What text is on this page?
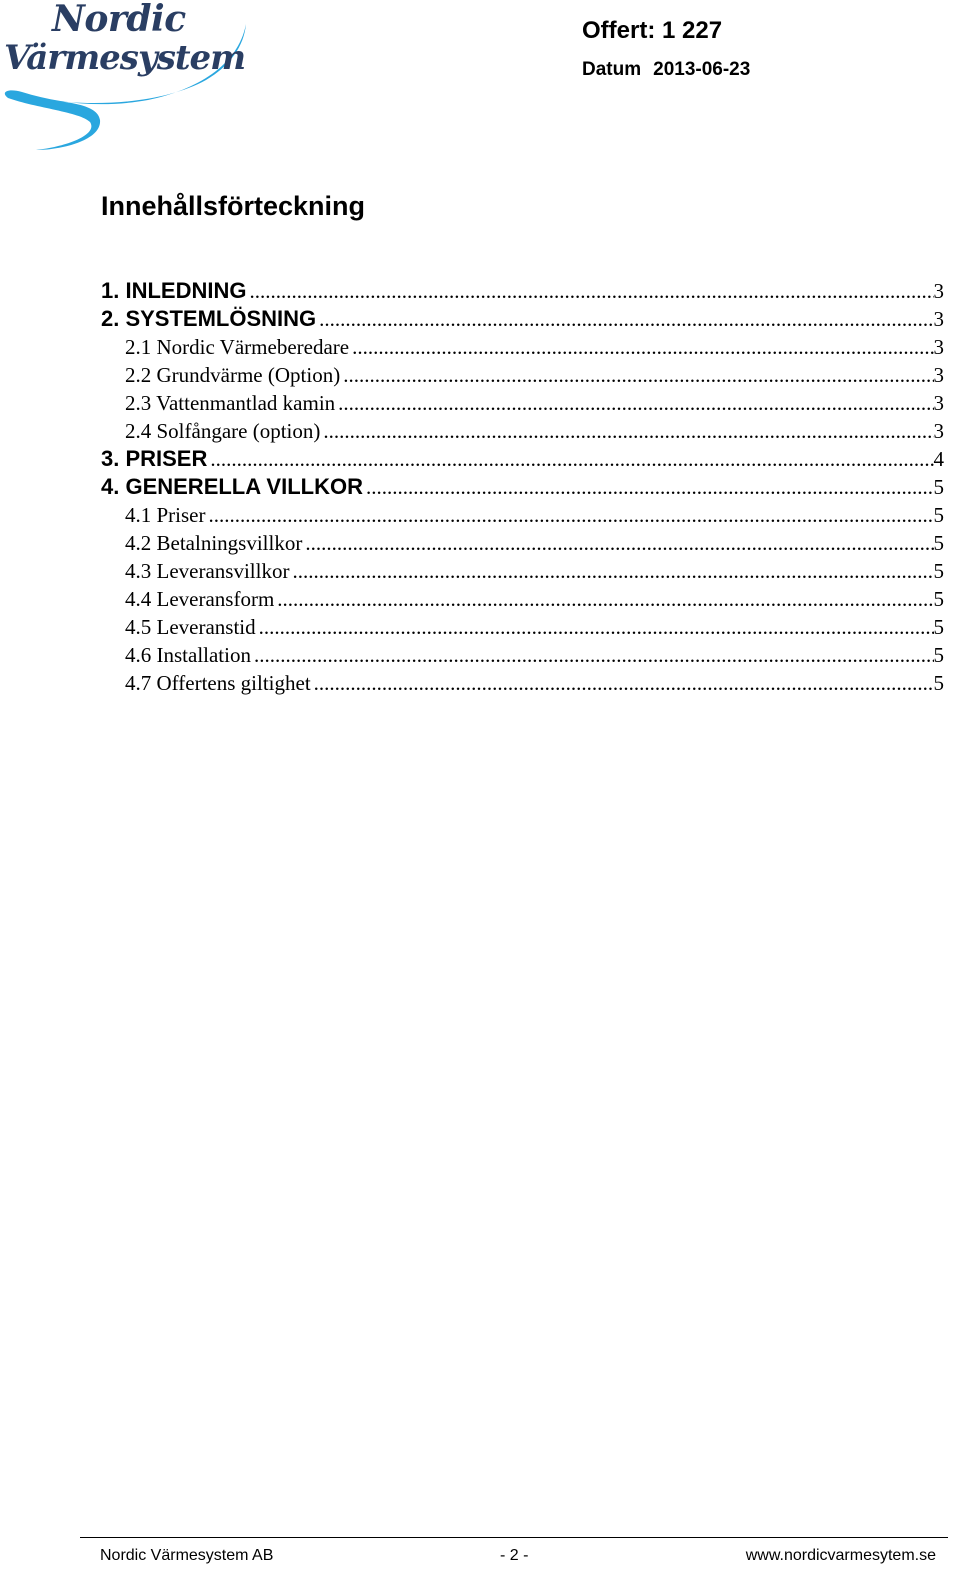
Nordic
Värmesystem
Offert: 1 227
Datum 2013-06-23
Innehållsförteckning
1. INLEDNING .....	3
2. SYSTEMLÖSNING .....	3
2.1 Nordic Värmeberedare .....	3
2.2 Grundvärme (Option) .....	3
2.3 Vattenmantlad kamin .....	3
2.4 Solfångare (option) .....	3
3. PRISER .....	4
4. GENERELLA VILLKOR .....	5
4.1 Priser .....	5
4.2 Betalningsvillkor .....	5
4.3 Leveransvillkor .....	5
4.4 Leveransform .....	5
4.5 Leveranstid .....	5
4.6 Installation .....	5
4.7 Offertens giltighet .....	5
Nordic Värmesystem AB	- 2 -	www.nordicvarmesytem.se
